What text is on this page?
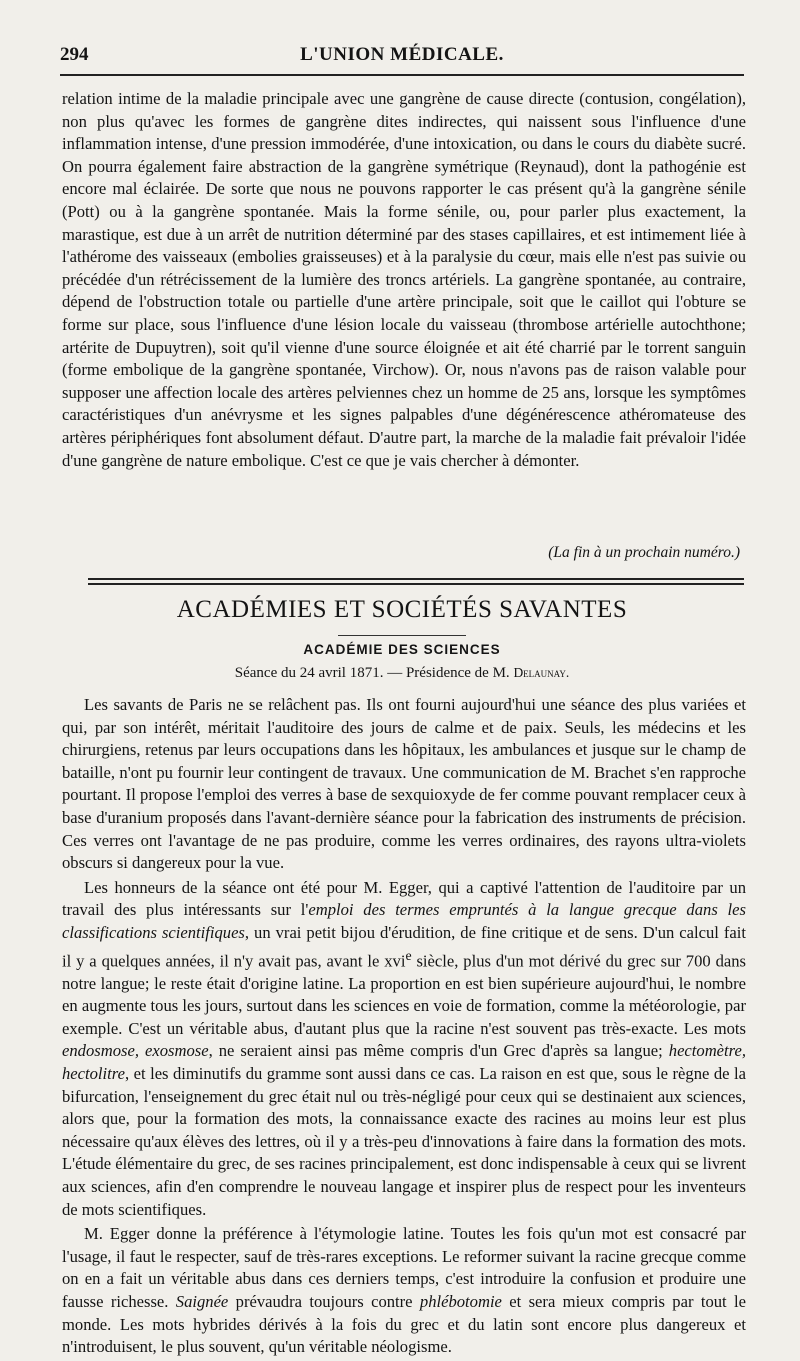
294	L'UNION MÉDICALE.

relation intime de la maladie principale avec une gangrène de cause directe (contusion, congélation), non plus qu'avec les formes de gangrène dites indirectes, qui naissent sous l'influence d'une inflammation intense, d'une pression immodérée, d'une intoxication, ou dans le cours du diabète sucré. On pourra également faire abstraction de la gangrène symétrique (Reynaud), dont la pathogénie est encore mal éclairée. De sorte que nous ne pouvons rapporter le cas présent qu'à la gangrène sénile (Pott) ou à la gangrène spontanée. Mais la forme sénile, ou, pour parler plus exactement, la marastique, est due à un arrêt de nutrition déterminé par des stases capillaires, et est intimement liée à l'athérome des vaisseaux (embolies graisseuses) et à la paralysie du cœur, mais elle n'est pas suivie ou précédée d'un rétrécissement de la lumière des troncs artériels. La gangrène spontanée, au contraire, dépend de l'obstruction totale ou partielle d'une artère principale, soit que le caillot qui l'obture se forme sur place, sous l'influence d'une lésion locale du vaisseau (thrombose artérielle autochthone; artérite de Dupuytren), soit qu'il vienne d'une source éloignée et ait été charrié par le torrent sanguin (forme embolique de la gangrène spontanée, Virchow). Or, nous n'avons pas de raison valable pour supposer une affection locale des artères pelviennes chez un homme de 25 ans, lorsque les symptômes caractéristiques d'un anévrysme et les signes palpables d'une dégénérescence athéromateuse des artères périphériques font absolument défaut. D'autre part, la marche de la maladie fait prévaloir l'idée d'une gangrène de nature embolique. C'est ce que je vais chercher à démonter.

(La fin à un prochain numéro.)
ACADÉMIES ET SOCIÉTÉS SAVANTES
ACADÉMIE DES SCIENCES
Séance du 24 avril 1871. — Présidence de M. Delaunay.

Les savants de Paris ne se relâchent pas. Ils ont fourni aujourd'hui une séance des plus variées et qui, par son intérêt, méritait l'auditoire des jours de calme et de paix. Seuls, les médecins et les chirurgiens, retenus par leurs occupations dans les hôpitaux, les ambulances et jusque sur le champ de bataille, n'ont pu fournir leur contingent de travaux. Une communication de M. Brachet s'en rapproche pourtant. Il propose l'emploi des verres à base de sexquioxyde de fer comme pouvant remplacer ceux à base d'uranium proposés dans l'avant-dernière séance pour la fabrication des instruments de précision. Ces verres ont l'avantage de ne pas produire, comme les verres ordinaires, des rayons ultra-violets obscurs si dangereux pour la vue.

Les honneurs de la séance ont été pour M. Egger, qui a captivé l'attention de l'auditoire par un travail des plus intéressants sur l'emploi des termes empruntés à la langue grecque dans les classifications scientifiques, un vrai petit bijou d'érudition, de fine critique et de sens. D'un calcul fait il y a quelques années, il n'y avait pas, avant le xvi$^e$ siècle, plus d'un mot dérivé du grec sur 700 dans notre langue; le reste était d'origine latine. La proportion en est bien supérieure aujourd'hui, le nombre en augmente tous les jours, surtout dans les sciences en voie de formation, comme la météorologie, par exemple. C'est un véritable abus, d'autant plus que la racine n'est souvent pas très-exacte. Les mots endosmose, exosmose, ne seraient ainsi pas même compris d'un Grec d'après sa langue; hectomètre, hectolitre, et les diminutifs du gramme sont aussi dans ce cas. La raison en est que, sous le règne de la bifurcation, l'enseignement du grec était nul ou très-négligé pour ceux qui se destinaient aux sciences, alors que, pour la formation des mots, la connaissance exacte des racines au moins leur est plus nécessaire qu'aux élèves des lettres, où il y a très-peu d'innovations à faire dans la formation des mots. L'étude élémentaire du grec, de ses racines principalement, est donc indispensable à ceux qui se livrent aux sciences, afin d'en comprendre le nouveau langage et inspirer plus de respect pour les inventeurs de mots scientifiques.

M. Egger donne la préférence à l'étymologie latine. Toutes les fois qu'un mot est consacré par l'usage, il faut le respecter, sauf de très-rares exceptions. Le reformer suivant la racine grecque comme on en a fait un véritable abus dans ces derniers temps, c'est introduire la confusion et produire une fausse richesse. Saignée prévaudra toujours contre phlébotomie et sera mieux compris par tout le monde. Les mots hybrides dérivés à la fois du grec et du latin sont encore plus dangereux et n'introduisent, le plus souvent, qu'un véritable néologisme.
